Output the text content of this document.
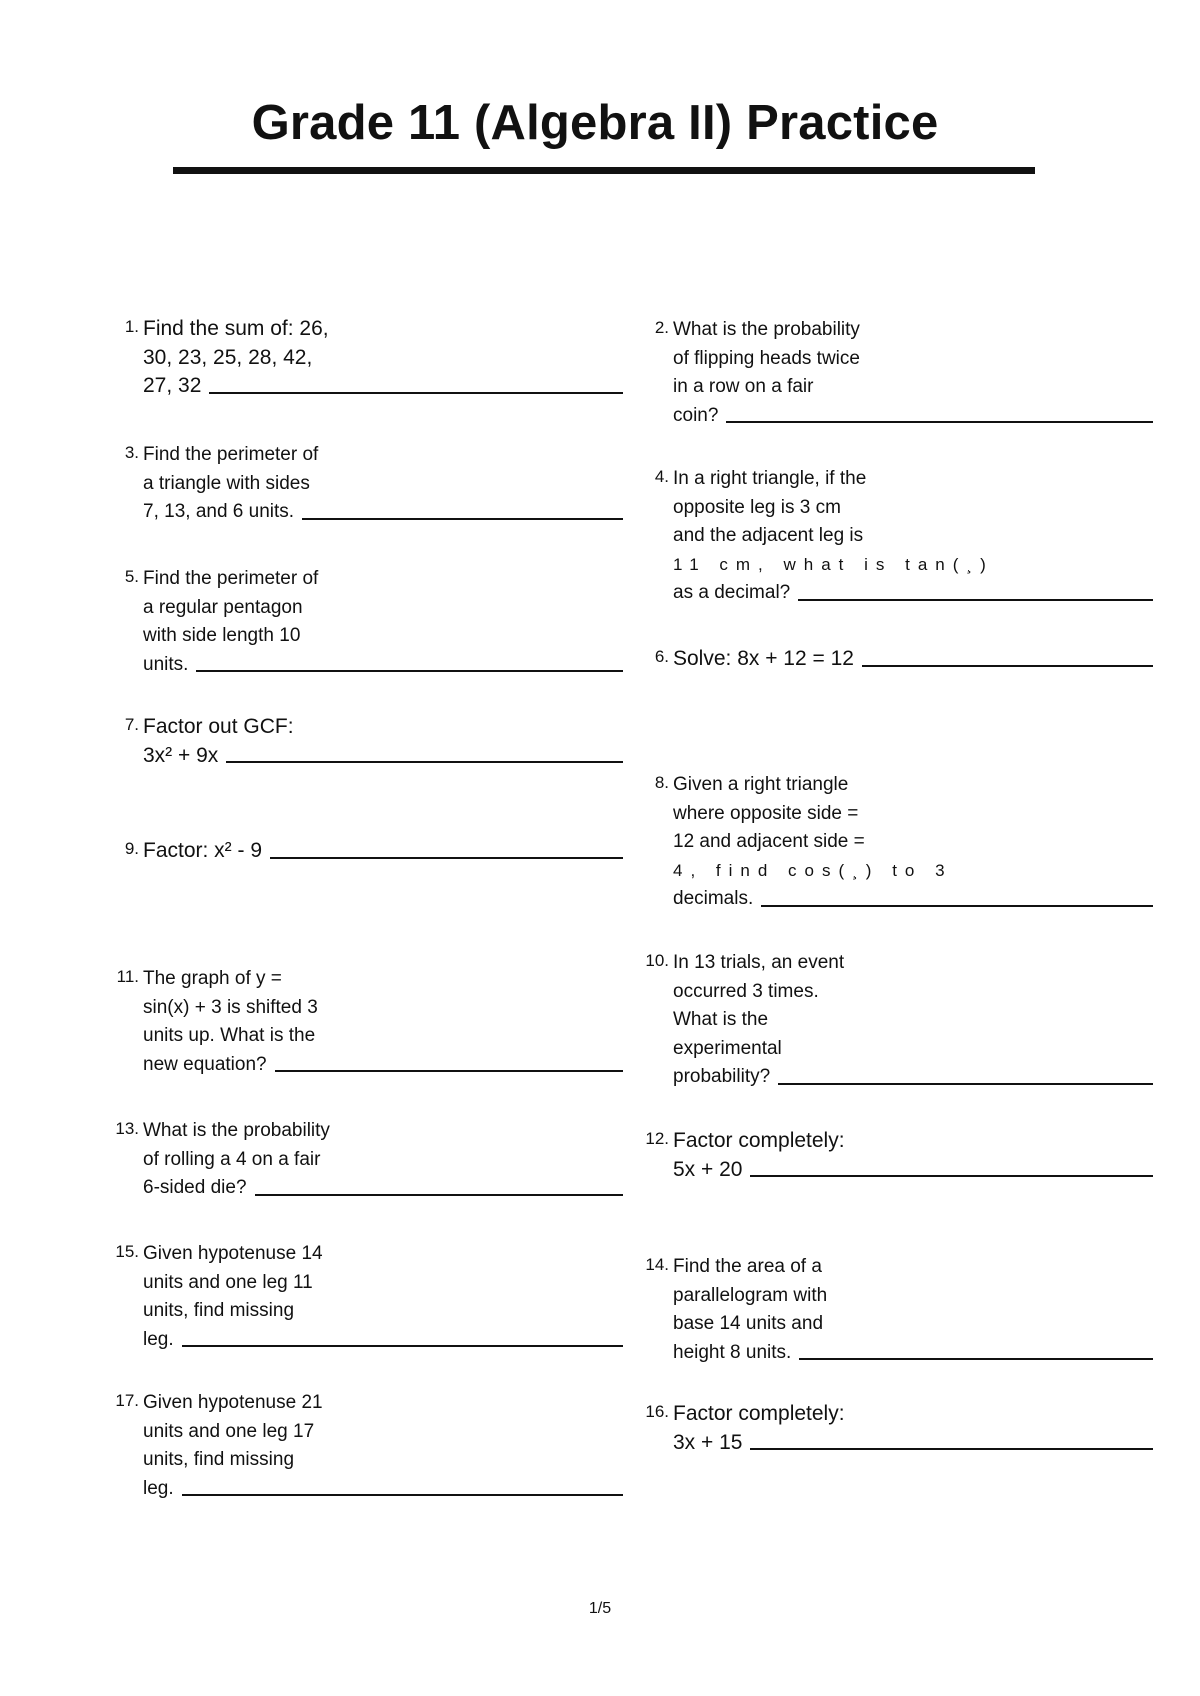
Grade 11 (Algebra II) Practice
1. Find the sum of: 26,
30, 23, 25, 28, 42,
27, 32
2. What is the probability
of flipping heads twice
in a row on a fair
coin?
3. Find the perimeter of
a triangle with sides
7, 13, and 6 units.
4. In a right triangle, if the
opposite leg is 3 cm
and the adjacent leg is
11 cm, what is tan(¸)
as a decimal?
5. Find the perimeter of
a regular pentagon
with side length 10
units.	6. Solve: 8x + 12 = 12
7. Factor out GCF:
3x² + 9x
8. Given a right triangle
where opposite side =
12 and adjacent side =
4, find cos(¸) to 3
decimals.
9. Factor: x² - 9
10. In 13 trials, an event
occurred 3 times.
What is the
experimental
probability?
11. The graph of y =
sin(x) + 3 is shifted 3
units up. What is the
new equation?
12. Factor completely:
5x + 20
13. What is the probability
of rolling a 4 on a fair
6-sided die?
14. Find the area of a
parallelogram with
base 14 units and
height 8 units.
15. Given hypotenuse 14
units and one leg 11
units, find missing
leg.
16. Factor completely:
3x + 15
17. Given hypotenuse 21
units and one leg 17
units, find missing
leg.
1/5
